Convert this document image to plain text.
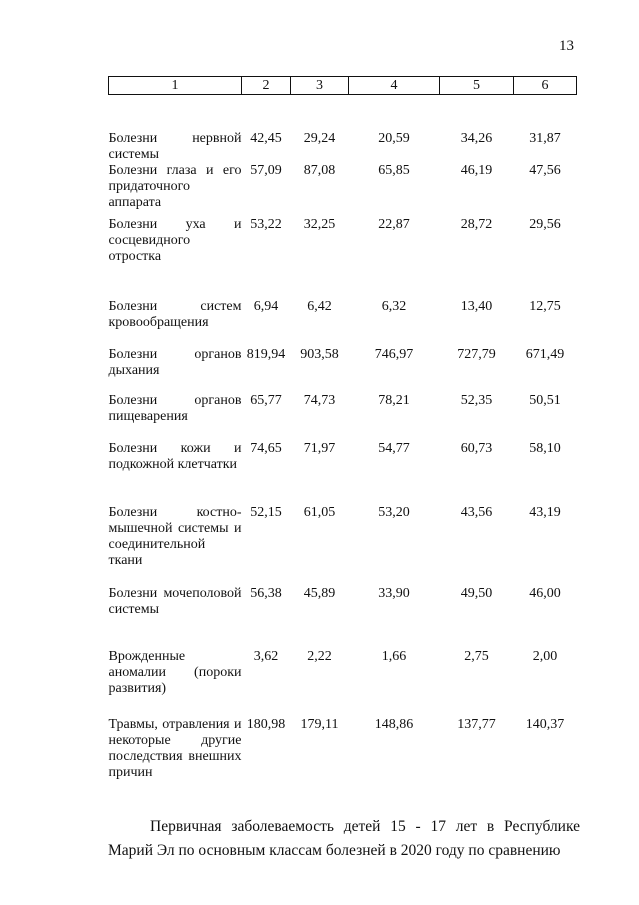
13
1	2	3	4	5	6
Болезни нервной системы	42,45	29,24	20,59	34,26	31,87
Болезни глаза и его придаточного аппарата	57,09	87,08	65,85	46,19	47,56
Болезни уха и сосцевидного отростка	53,22	32,25	22,87	28,72	29,56
Болезни систем кровообращения	6,94	6,42	6,32	13,40	12,75
Болезни органов дыхания	819,94	903,58	746,97	727,79	671,49
Болезни органов пищеварения	65,77	74,73	78,21	52,35	50,51
Болезни кожи и подкожной клетчатки	74,65	71,97	54,77	60,73	58,10
Болезни костно-мышечной системы и соединительной ткани	52,15	61,05	53,20	43,56	43,19
Болезни мочеполовой системы	56,38	45,89	33,90	49,50	46,00
Врожденные аномалии (пороки развития)	3,62	2,22	1,66	2,75	2,00
Травмы, отравления и некоторые другие последствия внешних причин	180,98	179,11	148,86	137,77	140,37

Первичная заболеваемость детей 15 - 17 лет в Республике Марий Эл по основным классам болезней в 2020 году по сравнению
